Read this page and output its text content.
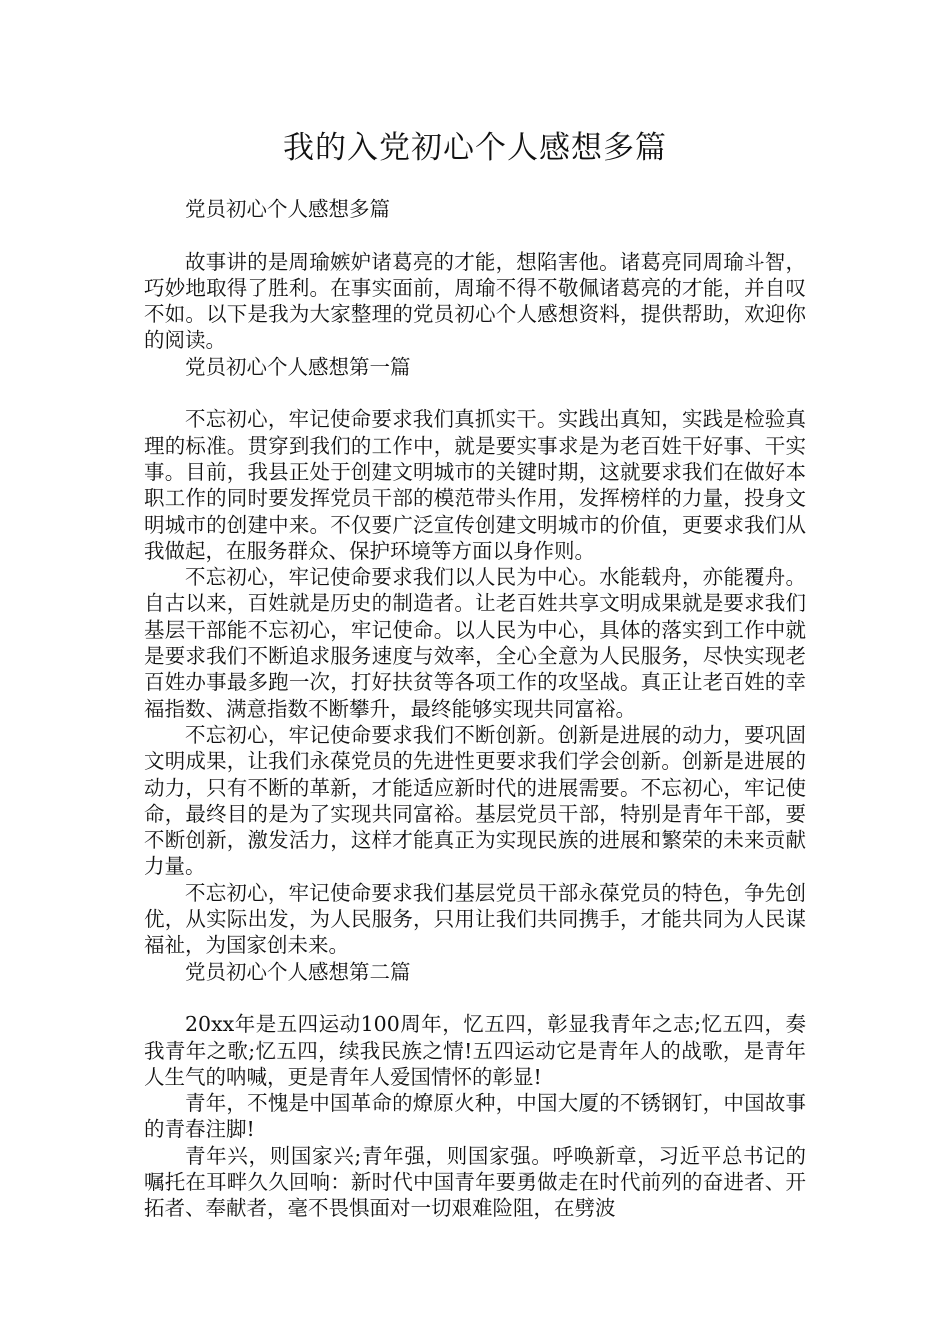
我的入党初心个人感想多篇

党员初心个人感想多篇

故事讲的是周瑜嫉妒诸葛亮的才能，想陷害他。诸葛亮同周瑜斗智，巧妙地取得了胜利。在事实面前，周瑜不得不敬佩诸葛亮的才能，并自叹不如。以下是我为大家整理的党员初心个人感想资料，提供帮助，欢迎你的阅读。

党员初心个人感想第一篇

不忘初心，牢记使命要求我们真抓实干。实践出真知，实践是检验真理的标准。贯穿到我们的工作中，就是要实事求是为老百姓干好事、干实事。目前，我县正处于创建文明城市的关键时期，这就要求我们在做好本职工作的同时要发挥党员干部的模范带头作用，发挥榜样的力量，投身文明城市的创建中来。不仅要广泛宣传创建文明城市的价值，更要求我们从我做起，在服务群众、保护环境等方面以身作则。

不忘初心，牢记使命要求我们以人民为中心。水能载舟，亦能覆舟。自古以来，百姓就是历史的制造者。让老百姓共享文明成果就是要求我们基层干部能不忘初心，牢记使命。以人民为中心，具体的落实到工作中就是要求我们不断追求服务速度与效率，全心全意为人民服务，尽快实现老百姓办事最多跑一次，打好扶贫等各项工作的攻坚战。真正让老百姓的幸福指数、满意指数不断攀升，最终能够实现共同富裕。

不忘初心，牢记使命要求我们不断创新。创新是进展的动力，要巩固文明成果，让我们永葆党员的先进性更要求我们学会创新。创新是进展的动力，只有不断的革新，才能适应新时代的进展需要。不忘初心，牢记使命，最终目的是为了实现共同富裕。基层党员干部，特别是青年干部，要不断创新，激发活力，这样才能真正为实现民族的进展和繁荣的未来贡献力量。

不忘初心，牢记使命要求我们基层党员干部永葆党员的特色，争先创优，从实际出发，为人民服务，只用让我们共同携手，才能共同为人民谋福祉，为国家创未来。

党员初心个人感想第二篇

20xx年是五四运动100周年，忆五四，彰显我青年之志;忆五四，奏我青年之歌;忆五四，续我民族之情!五四运动它是青年人的战歌，是青年人生气的呐喊，更是青年人爱国情怀的彰显!

青年，不愧是中国革命的燎原火种，中国大厦的不锈钢钉，中国故事的青春注脚!

青年兴，则国家兴;青年强，则国家强。呼唤新章，习近平总书记的嘱托在耳畔久久回响：新时代中国青年要勇做走在时代前列的奋进者、开拓者、奉献者，毫不畏惧面对一切艰难险阻，在劈波
